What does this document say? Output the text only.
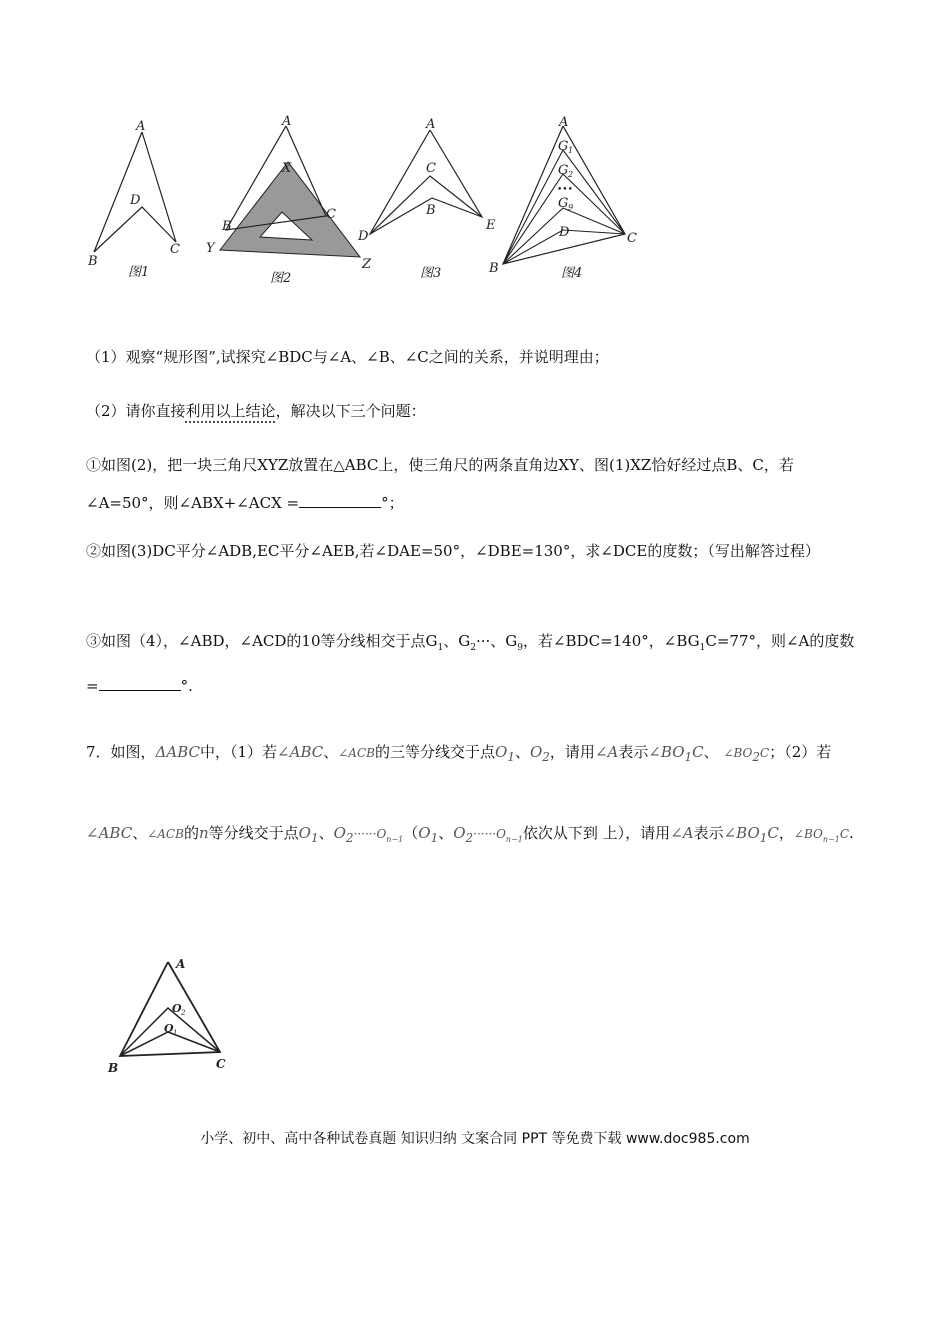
A
D
B
C
图1
A
X
B
C
Y
Z
图2
A
C
B
D
E
图3
A
G 1
G 2
•••
G 9
D
B
C
图4
（1）观察“规形图”,试探究∠BDC与∠A、∠B、∠C之间的关系，并说明理由；
（2）请你直接利用以上结论，解决以下三个问题：
①如图(2)，把一块三角尺XYZ放置在△ABC上，使三角尺的两条直角边XY、图(1)XZ恰好经过点B、C，若∠A=50°，则∠ABX+∠ACX =	°；
②如图(3)DC平分∠ADB,EC平分∠AEB,若∠DAE=50°，∠DBE=130°，求∠DCE的度数；（写出解答过程）
③如图（4），∠ABD，∠ACD的10等分线相交于点$G_1$、$G_2\cdot\cdot\cdot$、$G_9$，若∠BDC=140°，$\angle BG_1C=77^\circ$，则∠A的度数=	°.
7．如图，ΔABC中，（1）若∠ABC、∠ACB的三等分线交于点$O_1$、$O_2$，请用∠A表示$\angle BO_1C$、 $\angle BO_2C$；（2）若∠ABC、∠ACB的n等分线交于点$O_1$、$O_2\cdot\cdot\cdot\cdot\cdot\cdot O_{n-1}(O_1$、$O_2\cdot\cdot\cdot\cdot\cdot\cdot O_{n-1}$依次从下到 上），请用∠A表示$\angle BO_1C$，$\angle BO_{n-1}C$.
A
O 2
O 1
B	C
小学、初中、高中各种试卷真题 知识归纳 文案合同 PPT 等免费下载 www.doc985.com
